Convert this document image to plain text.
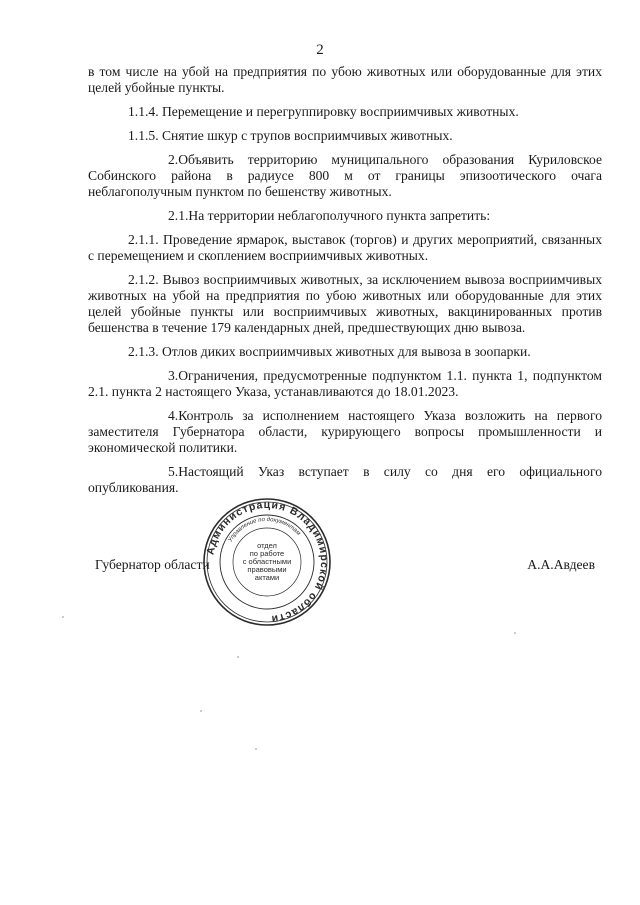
2

в том числе на убой на предприятия по убою животных или оборудованные для этих целей убойные пункты.

1.1.4. Перемещение и перегруппировку восприимчивых животных.

1.1.5. Снятие шкур с трупов восприимчивых животных.

2.Объявить территорию муниципального образования Куриловское Собинского района в радиусе 800 м от границы эпизоотического очага неблагополучным пунктом по бешенству животных.

2.1.На территории неблагополучного пункта запретить:

2.1.1. Проведение ярмарок, выставок (торгов) и других мероприятий, связанных с перемещением и скоплением восприимчивых животных.

2.1.2. Вывоз восприимчивых животных, за исключением вывоза восприимчивых животных на убой на предприятия по убою животных или оборудованные для этих целей убойные пункты или восприимчивых животных, вакцинированных против бешенства в течение 179 календарных дней, предшествующих дню вывоза.

2.1.3. Отлов диких восприимчивых животных для вывоза в зоопарки.

3.Ограничения, предусмотренные подпунктом 1.1. пункта 1, подпунктом 2.1. пункта 2 настоящего Указа, устанавливаются до 18.01.2023.

4.Контроль за исполнением настоящего Указа возложить на первого заместителя Губернатора области, курирующего вопросы промышленности и экономической политики.

5.Настоящий Указ вступает в силу со дня его официального опубликования.

Губернатор области	А.А.Авдеев
Администрация Владимирской области
Управление по документам
отдел
по работе
с областными
правовыми
актами
